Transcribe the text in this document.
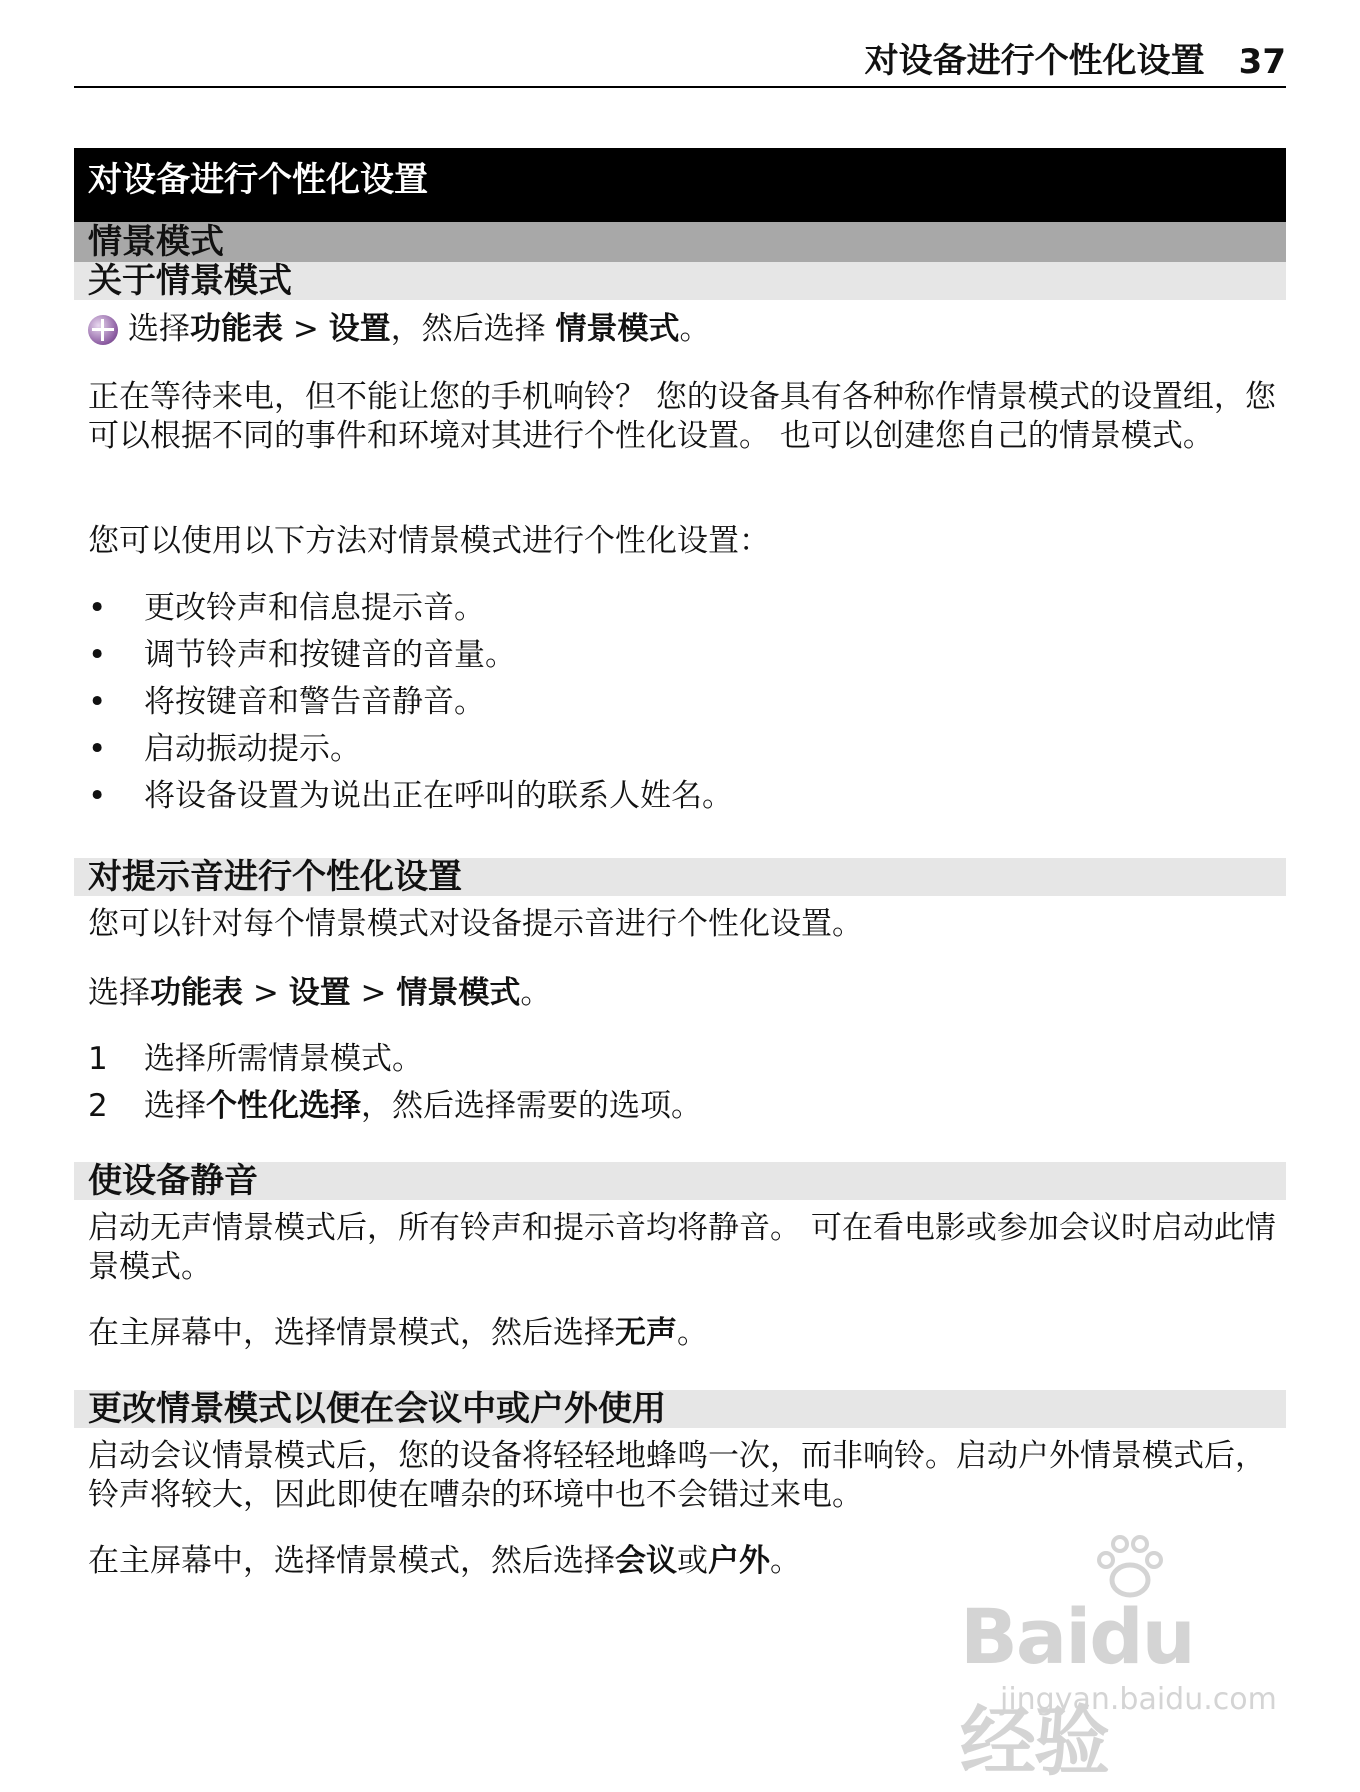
对设备进行个性化设置 37
对设备进行个性化设置
情景模式
关于情景模式
选择功能表 > 设置，然后选择 情景模式。
正在等待来电，但不能让您的手机响铃？ 您的设备具有各种称作情景模式的设置组，您可以根据不同的事件和环境对其进行个性化设置。 也可以创建您自己的情景模式。
您可以使用以下方法对情景模式进行个性化设置：
•	更改铃声和信息提示音。
•	调节铃声和按键音的音量。
•	将按键音和警告音静音。
•	启动振动提示。
•	将设备设置为说出正在呼叫的联系人姓名。
对提示音进行个性化设置
您可以针对每个情景模式对设备提示音进行个性化设置。
选择功能表 > 设置 > 情景模式。
1	选择所需情景模式。
2	选择个性化选择，然后选择需要的选项。
使设备静音
启动无声情景模式后，所有铃声和提示音均将静音。 可在看电影或参加会议时启动此情景模式。
在主屏幕中，选择情景模式，然后选择无声。
更改情景模式以便在会议中或户外使用
启动会议情景模式后，您的设备将轻轻地蜂鸣一次，而非响铃。启动户外情景模式后，铃声将较大，因此即使在嘈杂的环境中也不会错过来电。
在主屏幕中，选择情景模式，然后选择会议或户外。
Baidu 经验
jingyan.baidu.com
